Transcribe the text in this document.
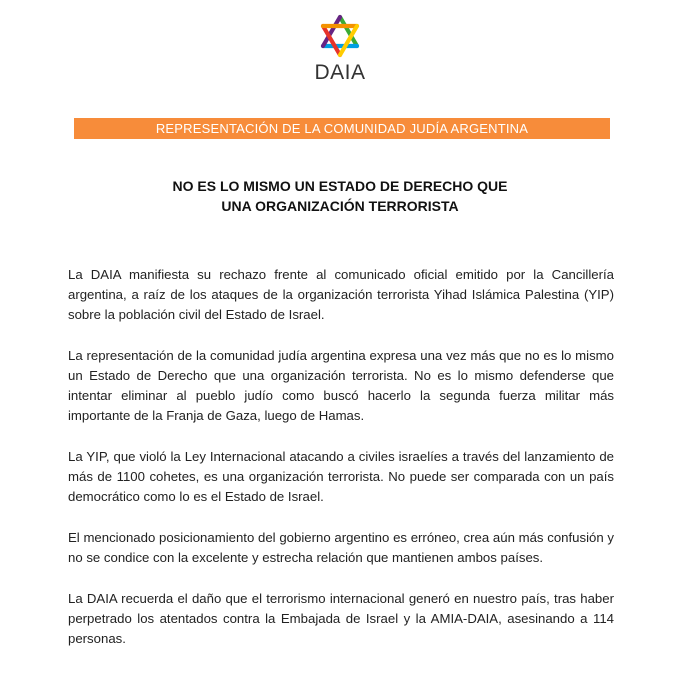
DAIA
REPRESENTACIÓN DE LA COMUNIDAD JUDÍA ARGENTINA
NO ES LO MISMO UN ESTADO DE DERECHO QUE
UNA ORGANIZACIÓN TERRORISTA

La DAIA manifiesta su rechazo frente al comunicado oficial emitido por la Cancillería argentina, a raíz de los ataques de la organización terrorista Yihad Islámica Palestina (YIP) sobre la población civil del Estado de Israel.

La representación de la comunidad judía argentina expresa una vez más que no es lo mismo un Estado de Derecho que una organización terrorista. No es lo mismo defenderse que intentar eliminar al pueblo judío como buscó hacerlo la segunda fuerza militar más importante de la Franja de Gaza, luego de Hamas.

La YIP, que violó la Ley Internacional atacando a civiles israelíes a través del lanzamiento de más de 1100 cohetes, es una organización terrorista. No puede ser comparada con un país democrático como lo es el Estado de Israel.

El mencionado posicionamiento del gobierno argentino es erróneo, crea aún más confusión y no se condice con la excelente y estrecha relación que mantienen ambos países.

La DAIA recuerda el daño que el terrorismo internacional generó en nuestro país, tras haber perpetrado los atentados contra la Embajada de Israel y la AMIA-DAIA, asesinando a 114 personas.
